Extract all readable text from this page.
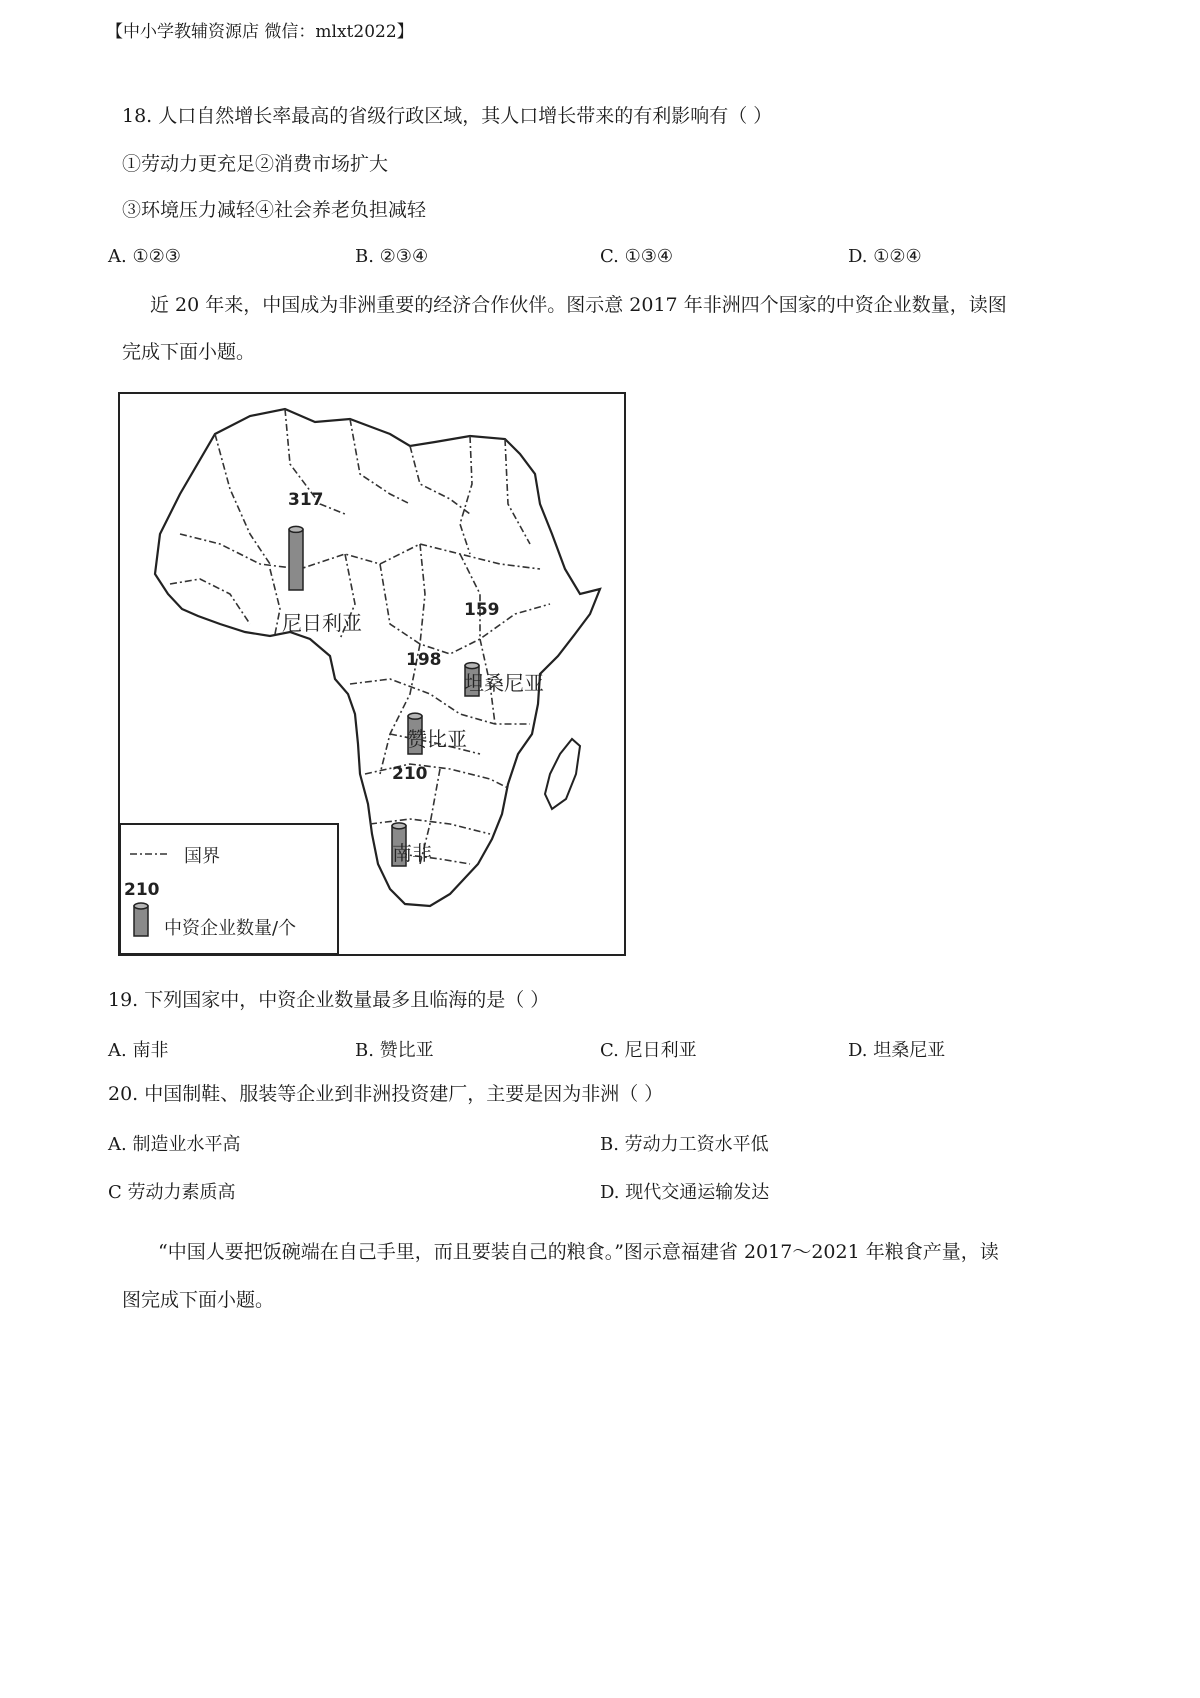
【中小学教辅资源店 微信：mlxt2022】
18. 人口自然增长率最高的省级行政区域，其人口增长带来的有利影响有（ ）
①劳动力更充足②消费市场扩大
③环境压力减轻④社会养老负担减轻
A. ①②③	B. ②③④	C. ①③④	D. ①②④
近 20 年来，中国成为非洲重要的经济合作伙伴。图示意 2017 年非洲四个国家的中资企业数量，读图
完成下面小题。
317
尼日利亚
159
坦桑尼亚
198
赞比亚
210
南非
国界
210
中资企业数量/个
19. 下列国家中，中资企业数量最多且临海的是（ ）
A. 南非	B. 赞比亚	C. 尼日利亚	D. 坦桑尼亚
20. 中国制鞋、服装等企业到非洲投资建厂，主要是因为非洲（ ）
A. 制造业水平高	B. 劳动力工资水平低
C 劳动力素质高	D. 现代交通运输发达
“中国人要把饭碗端在自己手里，而且要装自己的粮食。”图示意福建省 2017～2021 年粮食产量，读
图完成下面小题。
